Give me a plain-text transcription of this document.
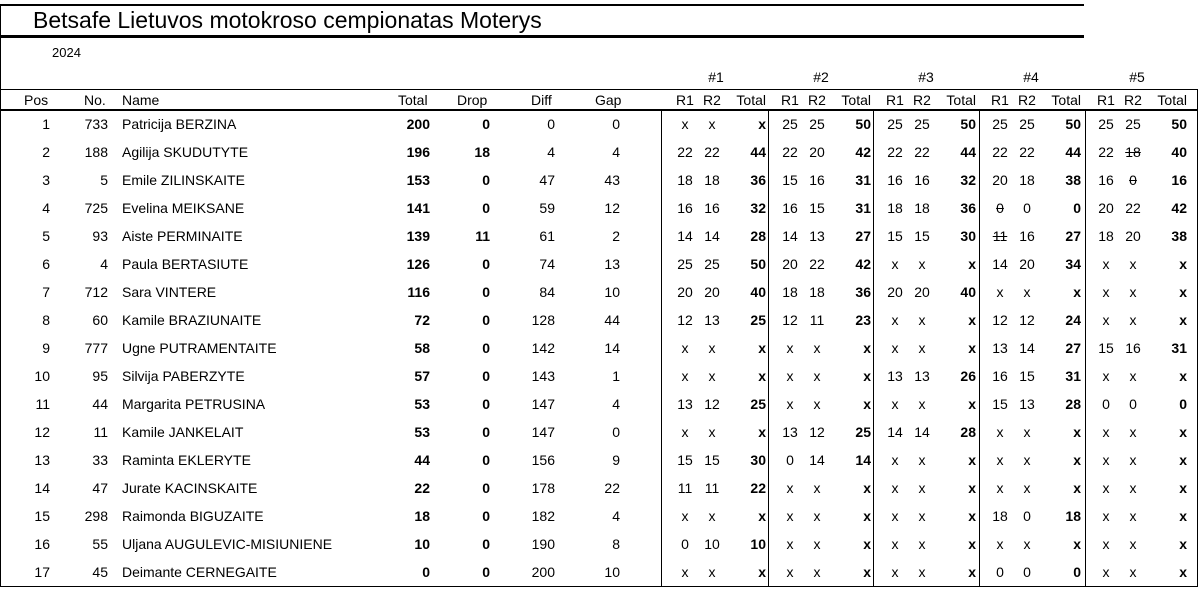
Betsafe Lietuvos motokroso cempionatas Moterys
2024
#1	#2	#3	#4	#5
Pos	No. Name	Total Drop	Diff	Gap	R1 R2	Total	R1 R2	Total	R1 R2	Total	R1 R2	Total	R1 R2	Total
1	733 Patricija BERZINA	200	0	0	0	x	x	x	25 25	50	25 25	50	25 25	50	25 25	50
2	188 Agilija SKUDUTYTE	196	18	4	4	22 22	44	22 20	42	22 22	44	22 22	44	22 18	40
3	5 Emile ZILINSKAITE	153	0	47	43	18 18	36	15 16	31	16 16	32	20 18	38	16	0	16
4	725 Evelina MEIKSANE	141	0	59	12	16 16	32	16 15	31	18 18	36	0	0	0	20 22	42
5	93 Aiste PERMINAITE	139	11	61	2	14 14	28	14 13	27	15 15	30	11 16	27	18 20	38
6	4 Paula BERTASIUTE	126	0	74	13	25 25	50	20 22	42	x	x	x	14 20	34	x	x	x
7	712 Sara VINTERE	116	0	84	10	20 20	40	18 18	36	20 20	40	x	x	x	x	x	x
8	60 Kamile BRAZIUNAITE	72	0	128	44	12 13	25	12 11	23	x	x	x	12 12	24	x	x	x
9	777 Ugne PUTRAMENTAITE	58	0	142	14	x	x	x	x	x	x	x	x	x	13 14	27	15 16	31
10	95 Silvija PABERZYTE	57	0	143	1	x	x	x	x	x	x	13 13	26	16 15	31	x	x	x
11	44 Margarita PETRUSINA	53	0	147	4	13 12	25	x	x	x	x	x	x	15 13	28	0	0	0
12	11 Kamile JANKELAIT	53	0	147	0	x	x	x	13 12	25	14 14	28	x	x	x	x	x	x
13	33 Raminta EKLERYTE	44	0	156	9	15 15	30	0	14	14	x	x	x	x	x	x	x	x	x
14	47 Jurate KACINSKAITE	22	0	178	22	11 11	22	x	x	x	x	x	x	x	x	x	x	x	x
15	298 Raimonda BIGUZAITE	18	0	182	4	x	x	x	x	x	x	x	x	x	18	0	18	x	x	x
16	55 Uljana AUGULEVIC-MISIUNIENE	10	0	190	8	0	10	10	x	x	x	x	x	x	x	x	x	x	x	x
17	45 Deimante CERNEGAITE	0	0	200	10	x	x	x	x	x	x	x	x	x	0	0	0	x	x	x
